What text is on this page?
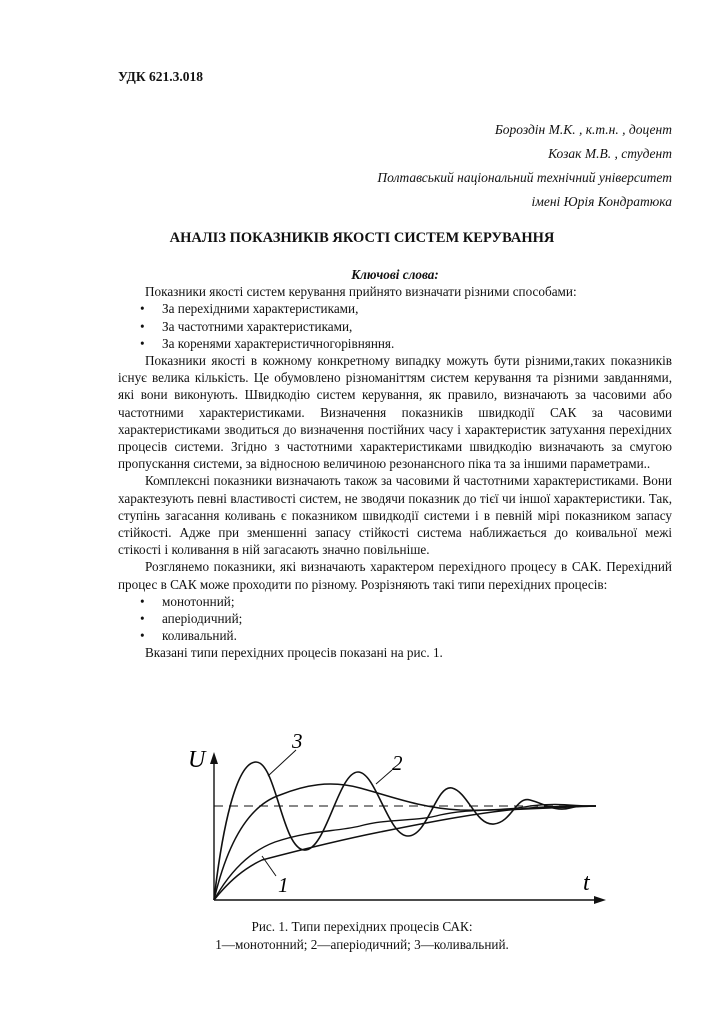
УДК 621.3.018
Бороздін М.К. , к.т.н. , доцент
Козак М.В. , студент
Полтавський національний технічний університет
імені Юрія Кондратюка
АНАЛІЗ ПОКАЗНИКІВ ЯКОСТІ СИСТЕМ КЕРУВАННЯ
Ключові слова:

Показники якості систем керування прийнято визначати різними способами:

• За перехідними характеристиками,
• За частотними характеристиками,
• За коренями характеристичногорівняння.

Показники якості в кожному конкретному випадку можуть бути різними,таких показників існує велика кількість. Це обумовлено різноманіттям систем керування та різними завданнями, які вони виконують. Швидкодію систем керування, як правило, визначають за часовими або частотними характеристиками. Визначення показників швидкодії САК за часовими характеристиками зводиться до визначення постійних часу і характеристик затухання перехідних процесів системи. Згідно з частотними характеристиками швидкодію визначають за смугою пропускання системи, за відносною величиною резонансного піка та за іншими параметрами..

Комплексні показники визначають також за часовими й частотними характеристиками. Вони характезують певні властивості систем, не зводячи показник до тієї чи іншої характеристики. Так, ступінь загасання коливань є показником швидкодії системи і в певній мірі показником запасу стійкості. Адже при зменшенні запасу стійкості система наближається до коивальної межі стікості і коливання в ній загасають значно повільніше.

Розглянемо показники, які визначають характером перехідного процесу в САК. Перехідний процес в САК може проходити по різному. Розрізняють такі типи перехідних процесів:

• монотонний;
• аперіодичний;
• коливальний.

Вказані типи перехідних процесів показані на рис. 1.

U
t
3
2
1
Рис. 1. Типи перехідних процесів САК:
1—монотонний; 2—аперіодичний; 3—коливальний.
